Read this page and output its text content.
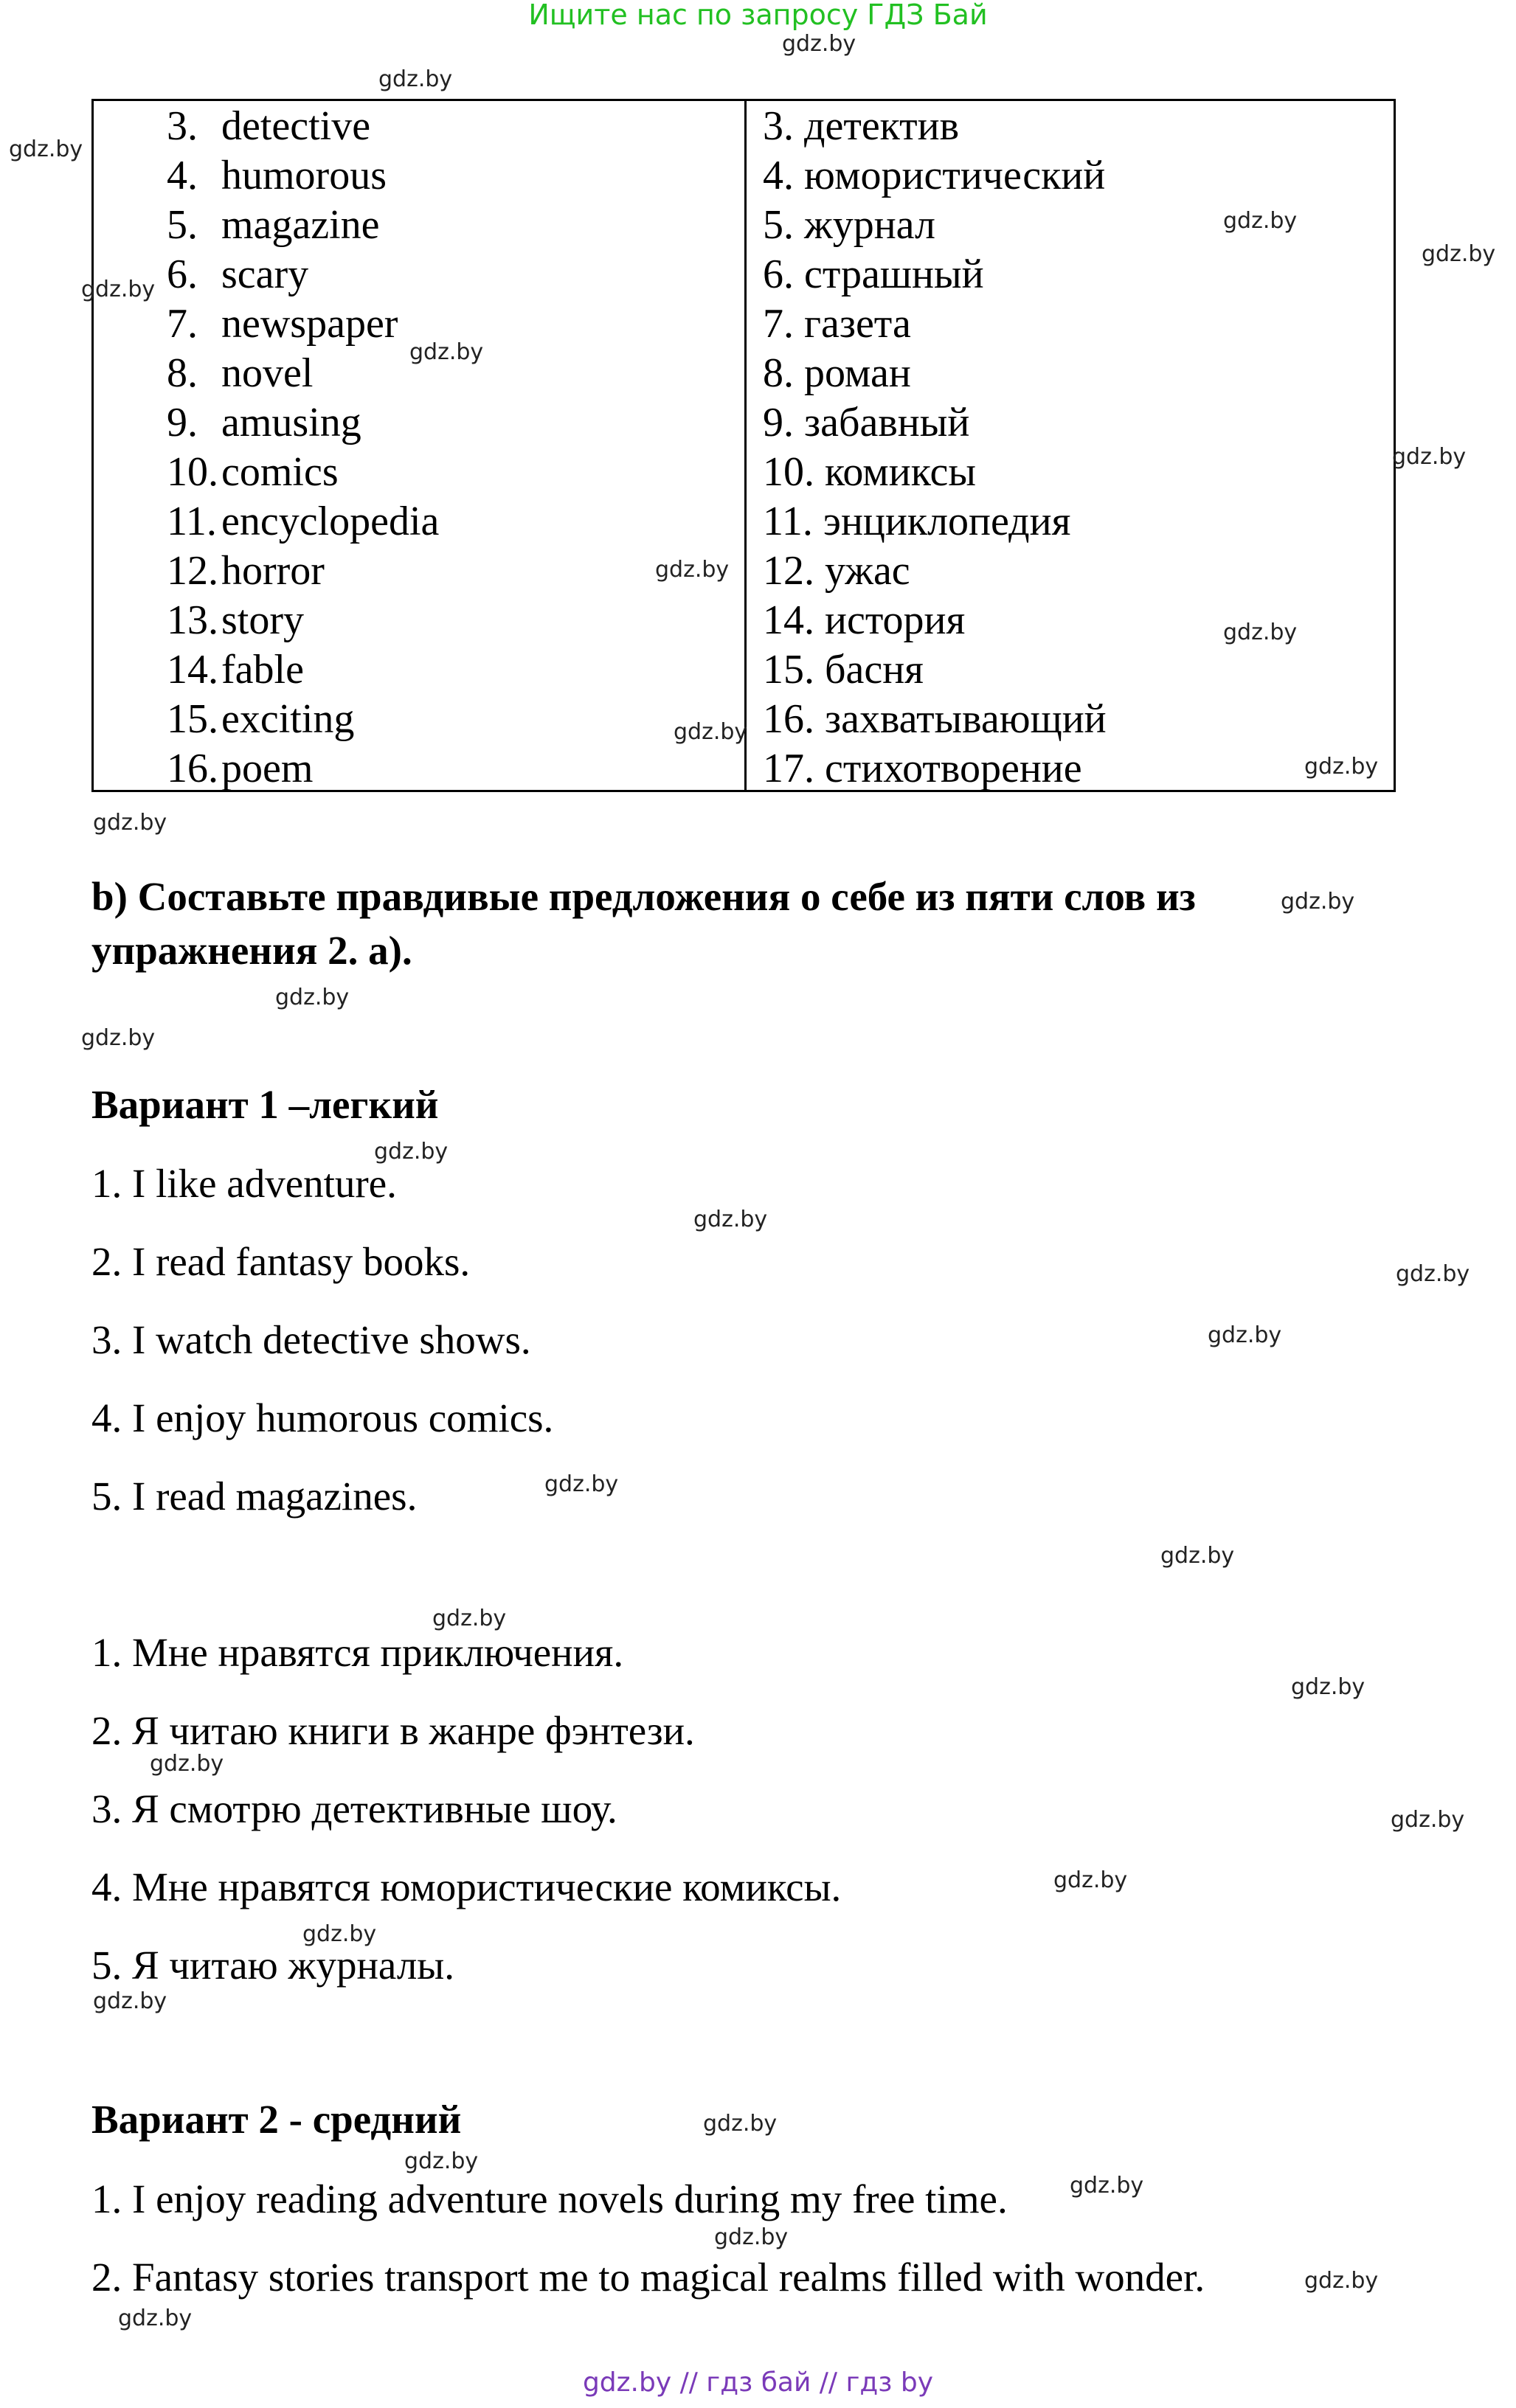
Ищите нас по запросу ГДЗ Бай
3. detective
4. humorous
5. magazine
6. scary
7. newspaper
8. novel
9. amusing
10.comics
11. encyclopedia
12.horror
13.story
14.fable
15.exciting
16.poem
3. детектив
4. юмористический
5. журнал
6. страшный
7. газета
8. роман
9. забавный
10. комиксы
11. энциклопедия
12. ужас
14. история
15. басня
16. захватывающий
17. стихотворение
b) Составьте правдивые предложения о себе из пяти слов из
упражнения 2. a).
Вариант 1 –легкий
1. I like adventure.
2. I read fantasy books.
3. I watch detective shows.
4. I enjoy humorous comics.
5. I read magazines.
1. Мне нравятся приключения.
2. Я читаю книги в жанре фэнтези.
3. Я смотрю детективные шоу.
4. Мне нравятся юмористические комиксы.
5. Я читаю журналы.
Вариант 2 - средний
1. I enjoy reading adventure novels during my free time.
2. Fantasy stories transport me to magical realms filled with wonder.
gdz.by // гдз бай // гдз by
gdz.by
gdz.by
gdz.by
gdz.by
gdz.by
gdz.by
gdz.by
gdz.by
gdz.by
gdz.by
gdz.by
gdz.by
gdz.by
gdz.by
gdz.by
gdz.by
gdz.by
gdz.by
gdz.by
gdz.by
gdz.by
gdz.by
gdz.by
gdz.by
gdz.by
gdz.by
gdz.by
gdz.by
gdz.by
gdz.by
gdz.by
gdz.by
gdz.by
gdz.by
gdz.by
